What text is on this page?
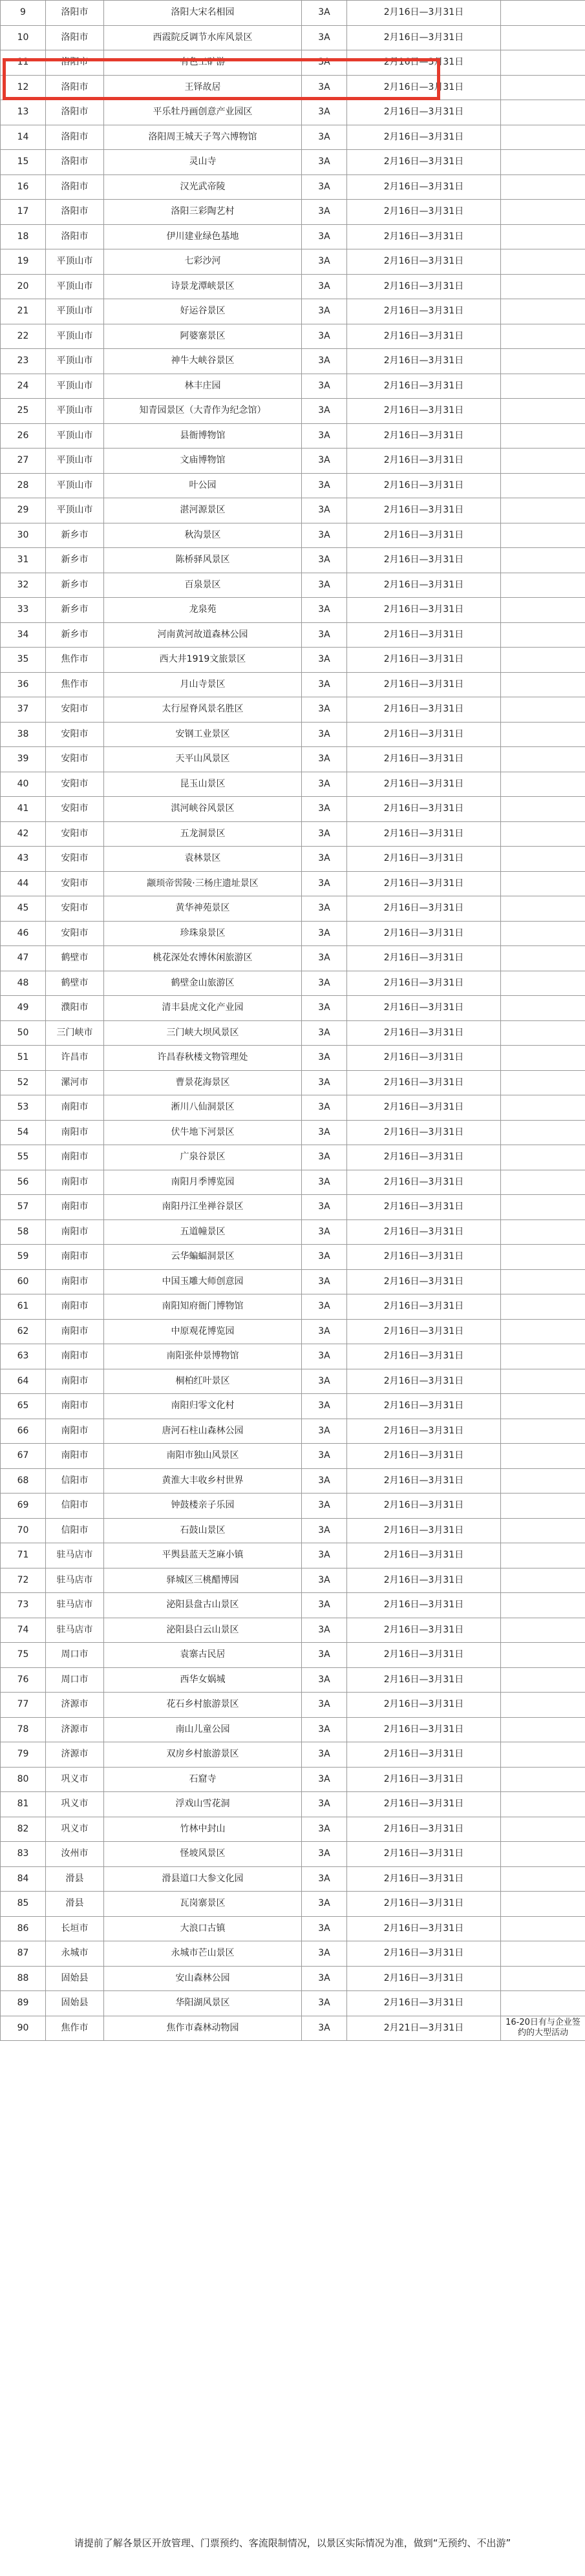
9	洛阳市	洛阳大宋名相园	3A	2月16日—3月31日	
10	洛阳市	西霞院反调节水库风景区	3A	2月16日—3月31日	
11	洛阳市	有色工矿游	3A	2月16日—3月31日	
12	洛阳市	王铎故居	3A	2月16日—3月31日	
13	洛阳市	平乐牡丹画创意产业园区	3A	2月16日—3月31日	
14	洛阳市	洛阳周王城天子驾六博物馆	3A	2月16日—3月31日	
15	洛阳市	灵山寺	3A	2月16日—3月31日	
16	洛阳市	汉光武帝陵	3A	2月16日—3月31日	
17	洛阳市	洛阳三彩陶艺村	3A	2月16日—3月31日	
18	洛阳市	伊川建业绿色基地	3A	2月16日—3月31日	
19	平顶山市	七彩沙河	3A	2月16日—3月31日	
20	平顶山市	诗景龙潭峡景区	3A	2月16日—3月31日	
21	平顶山市	好运谷景区	3A	2月16日—3月31日	
22	平顶山市	阿婆寨景区	3A	2月16日—3月31日	
23	平顶山市	神牛大峡谷景区	3A	2月16日—3月31日	
24	平顶山市	林丰庄园	3A	2月16日—3月31日	
25	平顶山市	知青园景区（大青作为纪念馆）	3A	2月16日—3月31日	
26	平顶山市	县衙博物馆	3A	2月16日—3月31日	
27	平顶山市	文庙博物馆	3A	2月16日—3月31日	
28	平顶山市	叶公园	3A	2月16日—3月31日	
29	平顶山市	湛河源景区	3A	2月16日—3月31日	
30	新乡市	秋沟景区	3A	2月16日—3月31日	
31	新乡市	陈桥驿风景区	3A	2月16日—3月31日	
32	新乡市	百泉景区	3A	2月16日—3月31日	
33	新乡市	龙泉苑	3A	2月16日—3月31日	
34	新乡市	河南黄河故道森林公园	3A	2月16日—3月31日	
35	焦作市	西大井1919文旅景区	3A	2月16日—3月31日	
36	焦作市	月山寺景区	3A	2月16日—3月31日	
37	安阳市	太行屋脊风景名胜区	3A	2月16日—3月31日	
38	安阳市	安钢工业景区	3A	2月16日—3月31日	
39	安阳市	天平山风景区	3A	2月16日—3月31日	
40	安阳市	昆玉山景区	3A	2月16日—3月31日	
41	安阳市	淇河峡谷风景区	3A	2月16日—3月31日	
42	安阳市	五龙洞景区	3A	2月16日—3月31日	
43	安阳市	袁林景区	3A	2月16日—3月31日	
44	安阳市	颛顼帝喾陵·三杨庄遗址景区	3A	2月16日—3月31日	
45	安阳市	黄华神苑景区	3A	2月16日—3月31日	
46	安阳市	珍珠泉景区	3A	2月16日—3月31日	
47	鹤壁市	桃花深处农博休闲旅游区	3A	2月16日—3月31日	
48	鹤壁市	鹤壁金山旅游区	3A	2月16日—3月31日	
49	濮阳市	清丰县虎文化产业园	3A	2月16日—3月31日	
50	三门峡市	三门峡大坝风景区	3A	2月16日—3月31日	
51	许昌市	许昌春秋楼文物管理处	3A	2月16日—3月31日	
52	漯河市	曹景花海景区	3A	2月16日—3月31日	
53	南阳市	淅川八仙洞景区	3A	2月16日—3月31日	
54	南阳市	伏牛地下河景区	3A	2月16日—3月31日	
55	南阳市	广泉谷景区	3A	2月16日—3月31日	
56	南阳市	南阳月季博览园	3A	2月16日—3月31日	
57	南阳市	南阳丹江坐禅谷景区	3A	2月16日—3月31日	
58	南阳市	五道幢景区	3A	2月16日—3月31日	
59	南阳市	云华蝙蝠洞景区	3A	2月16日—3月31日	
60	南阳市	中国玉雕大师创意园	3A	2月16日—3月31日	
61	南阳市	南阳知府衙门博物馆	3A	2月16日—3月31日	
62	南阳市	中原观花博览园	3A	2月16日—3月31日	
63	南阳市	南阳张仲景博物馆	3A	2月16日—3月31日	
64	南阳市	桐柏红叶景区	3A	2月16日—3月31日	
65	南阳市	南阳归零文化村	3A	2月16日—3月31日	
66	南阳市	唐河石柱山森林公园	3A	2月16日—3月31日	
67	南阳市	南阳市独山风景区	3A	2月16日—3月31日	
68	信阳市	黄淮大丰收乡村世界	3A	2月16日—3月31日	
69	信阳市	钟鼓楼亲子乐园	3A	2月16日—3月31日	
70	信阳市	石鼓山景区	3A	2月16日—3月31日	
71	驻马店市	平舆县蓝天芝麻小镇	3A	2月16日—3月31日	
72	驻马店市	驿城区三桃醋博园	3A	2月16日—3月31日	
73	驻马店市	泌阳县盘古山景区	3A	2月16日—3月31日	
74	驻马店市	泌阳县白云山景区	3A	2月16日—3月31日	
75	周口市	袁寨古民居	3A	2月16日—3月31日	
76	周口市	西华女娲城	3A	2月16日—3月31日	
77	济源市	花石乡村旅游景区	3A	2月16日—3月31日	
78	济源市	南山儿童公园	3A	2月16日—3月31日	
79	济源市	双房乡村旅游景区	3A	2月16日—3月31日	
80	巩义市	石窟寺	3A	2月16日—3月31日	
81	巩义市	浮戏山雪花洞	3A	2月16日—3月31日	
82	巩义市	竹林中封山	3A	2月16日—3月31日	
83	汝州市	怪坡风景区	3A	2月16日—3月31日	
84	滑县	滑县道口大参文化园	3A	2月16日—3月31日	
85	滑县	瓦岗寨景区	3A	2月16日—3月31日	
86	长垣市	大浪口古镇	3A	2月16日—3月31日	
87	永城市	永城市芒山景区	3A	2月16日—3月31日	
88	固始县	安山森林公园	3A	2月16日—3月31日	
89	固始县	华阳湖风景区	3A	2月16日—3月31日	
90	焦作市	焦作市森林动物园	3A	2月21日—3月31日	16-20日有与企业签约的大型活动
请提前了解各景区开放管理、门票预约、客流限制情况，以景区实际情况为准，做到“无预约、不出游”
